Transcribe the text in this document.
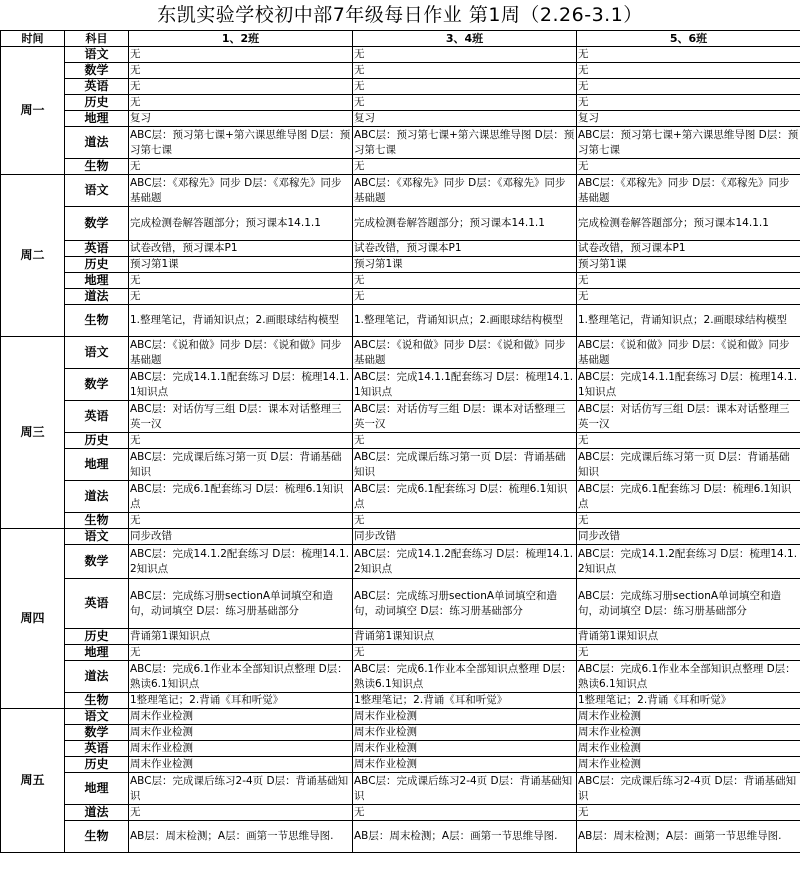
东凯实验学校初中部7年级每日作业 第1周（2.26-3.1）
时间	科目	1、2班	3、4班	5、6班
周一	语文	无	无	无
	数学	无	无	无
	英语	无	无	无
	历史	无	无	无
	地理	复习	复习	复习
	道法	ABC层：预习第七课+第六课思维导图 D层：预习第七课	ABC层：预习第七课+第六课思维导图 D层：预习第七课	ABC层：预习第七课+第六课思维导图 D层：预习第七课
	生物	无	无	无
周二	语文	ABC层：《邓稼先》同步 D层：《邓稼先》同步基础题	ABC层：《邓稼先》同步 D层：《邓稼先》同步基础题	ABC层：《邓稼先》同步 D层：《邓稼先》同步基础题
	数学	完成检测卷解答题部分；预习课本14.1.1	完成检测卷解答题部分；预习课本14.1.1	完成检测卷解答题部分；预习课本14.1.1
	英语	试卷改错，预习课本P1	试卷改错，预习课本P1	试卷改错，预习课本P1
	历史	预习第1课	预习第1课	预习第1课
	地理	无	无	无
	道法	无	无	无
	生物	1.整理笔记，背诵知识点；2.画眼球结构模型	1.整理笔记，背诵知识点；2.画眼球结构模型	1.整理笔记，背诵知识点；2.画眼球结构模型
周三	语文	ABC层：《说和做》同步 D层：《说和做》同步基础题	ABC层：《说和做》同步 D层：《说和做》同步基础题	ABC层：《说和做》同步 D层：《说和做》同步基础题
	数学	ABC层：完成14.1.1配套练习 D层：梳理14.1.1知识点	ABC层：完成14.1.1配套练习 D层：梳理14.1.1知识点	ABC层：完成14.1.1配套练习 D层：梳理14.1.1知识点
	英语	ABC层：对话仿写三组 D层：课本对话整理三英一汉	ABC层：对话仿写三组 D层：课本对话整理三英一汉	ABC层：对话仿写三组 D层：课本对话整理三英一汉
	历史	无	无	无
	地理	ABC层：完成课后练习第一页 D层：背诵基础知识	ABC层：完成课后练习第一页 D层：背诵基础知识	ABC层：完成课后练习第一页 D层：背诵基础知识
	道法	ABC层：完成6.1配套练习 D层：梳理6.1知识点	ABC层：完成6.1配套练习 D层：梳理6.1知识点	ABC层：完成6.1配套练习 D层：梳理6.1知识点
	生物	无	无	无
周四	语文	同步改错	同步改错	同步改错
	数学	ABC层：完成14.1.2配套练习 D层：梳理14.1.2知识点	ABC层：完成14.1.2配套练习 D层：梳理14.1.2知识点	ABC层：完成14.1.2配套练习 D层：梳理14.1.2知识点
	英语	ABC层：完成练习册sectionA单词填空和造句，动词填空 D层：练习册基础部分	ABC层：完成练习册sectionA单词填空和造句，动词填空 D层：练习册基础部分	ABC层：完成练习册sectionA单词填空和造句，动词填空 D层：练习册基础部分
	历史	背诵第1课知识点	背诵第1课知识点	背诵第1课知识点
	地理	无	无	无
	道法	ABC层：完成6.1作业本全部知识点整理 D层：熟读6.1知识点	ABC层：完成6.1作业本全部知识点整理 D层：熟读6.1知识点	ABC层：完成6.1作业本全部知识点整理 D层：熟读6.1知识点
	生物	1整理笔记；2.背诵《耳和听觉》	1整理笔记；2.背诵《耳和听觉》	1整理笔记；2.背诵《耳和听觉》
周五	语文	周末作业检测	周末作业检测	周末作业检测
	数学	周末作业检测	周末作业检测	周末作业检测
	英语	周末作业检测	周末作业检测	周末作业检测
	历史	周末作业检测	周末作业检测	周末作业检测
	地理	ABC层：完成课后练习2-4页 D层：背诵基础知识	ABC层：完成课后练习2-4页 D层：背诵基础知识	ABC层：完成课后练习2-4页 D层：背诵基础知识
	道法	无	无	无
	生物	AB层：周末检测；A层：画第一节思维导图.	AB层：周末检测；A层：画第一节思维导图.	AB层：周末检测；A层：画第一节思维导图.
